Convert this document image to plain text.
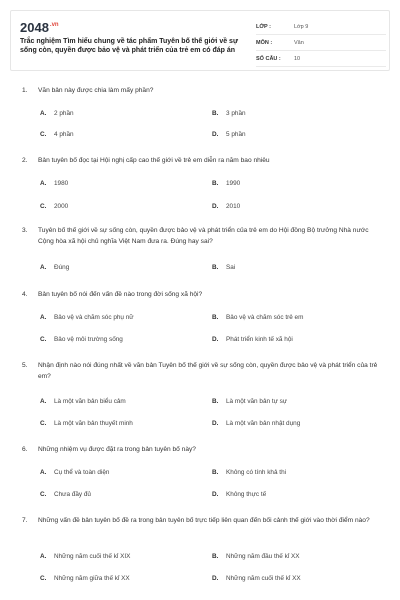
$2048^{.vn}$
Trắc nghiệm Tìm hiểu chung về tác phẩm Tuyên bố thế giới về sự sống còn, quyền được bảo vệ và phát triển của trẻ em có đáp án
LỚP :	Lớp 9
MÔN :	Văn
SỐ CÂU :	10
1.	Văn bản này được chia làm mấy phần?
A.	2 phần	B.	3 phần
C.	4 phần	D.	5 phần
2.	Bản tuyên bố đọc tại Hội nghị cấp cao thế giới về trẻ em diễn ra năm bao nhiêu
A.	1980	B.	1990
C.	2000	D.	2010
3.	Tuyên bố thế giới về sự sống còn, quyền được bảo vệ và phát triển của trẻ em do Hội đồng Bộ trưởng Nhà nước Cộng hòa xã hội chủ nghĩa Việt Nam đưa ra. Đúng hay sai?
A.	Đúng	B.	Sai
4.	Bản tuyên bố nói đến vấn đề nào trong đời sống xã hội?
A.	Bảo vệ và chăm sóc phụ nữ	B.	Bảo vệ và chăm sóc trẻ em
C.	Bảo vệ môi trường sống	D.	Phát triển kinh tế xã hội
5.	Nhận định nào nói đúng nhất về văn bản Tuyên bố thế giới về sự sống còn, quyền được bảo vệ và phát triển của trẻ em?
A.	Là một văn bản biểu cảm	B.	Là một văn bản tự sự
C.	Là một văn bản thuyết minh	D.	Là một văn bản nhật dụng
6.	Những nhiệm vụ được đặt ra trong bản tuyên bố này?
A.	Cụ thể và toàn diện	B.	Không có tính khả thi
C.	Chưa đầy đủ	D.	Không thực tế
7.	Những vấn đề bản tuyên bố đề ra trong bản tuyên bố trực tiếp liên quan đến bối cảnh thế giới vào thời điểm nào?
A.	Những năm cuối thế kỉ XIX	B.	Những năm đầu thế kỉ XX
C.	Những năm giữa thế kỉ XX	D.	Những năm cuối thế kỉ XX
